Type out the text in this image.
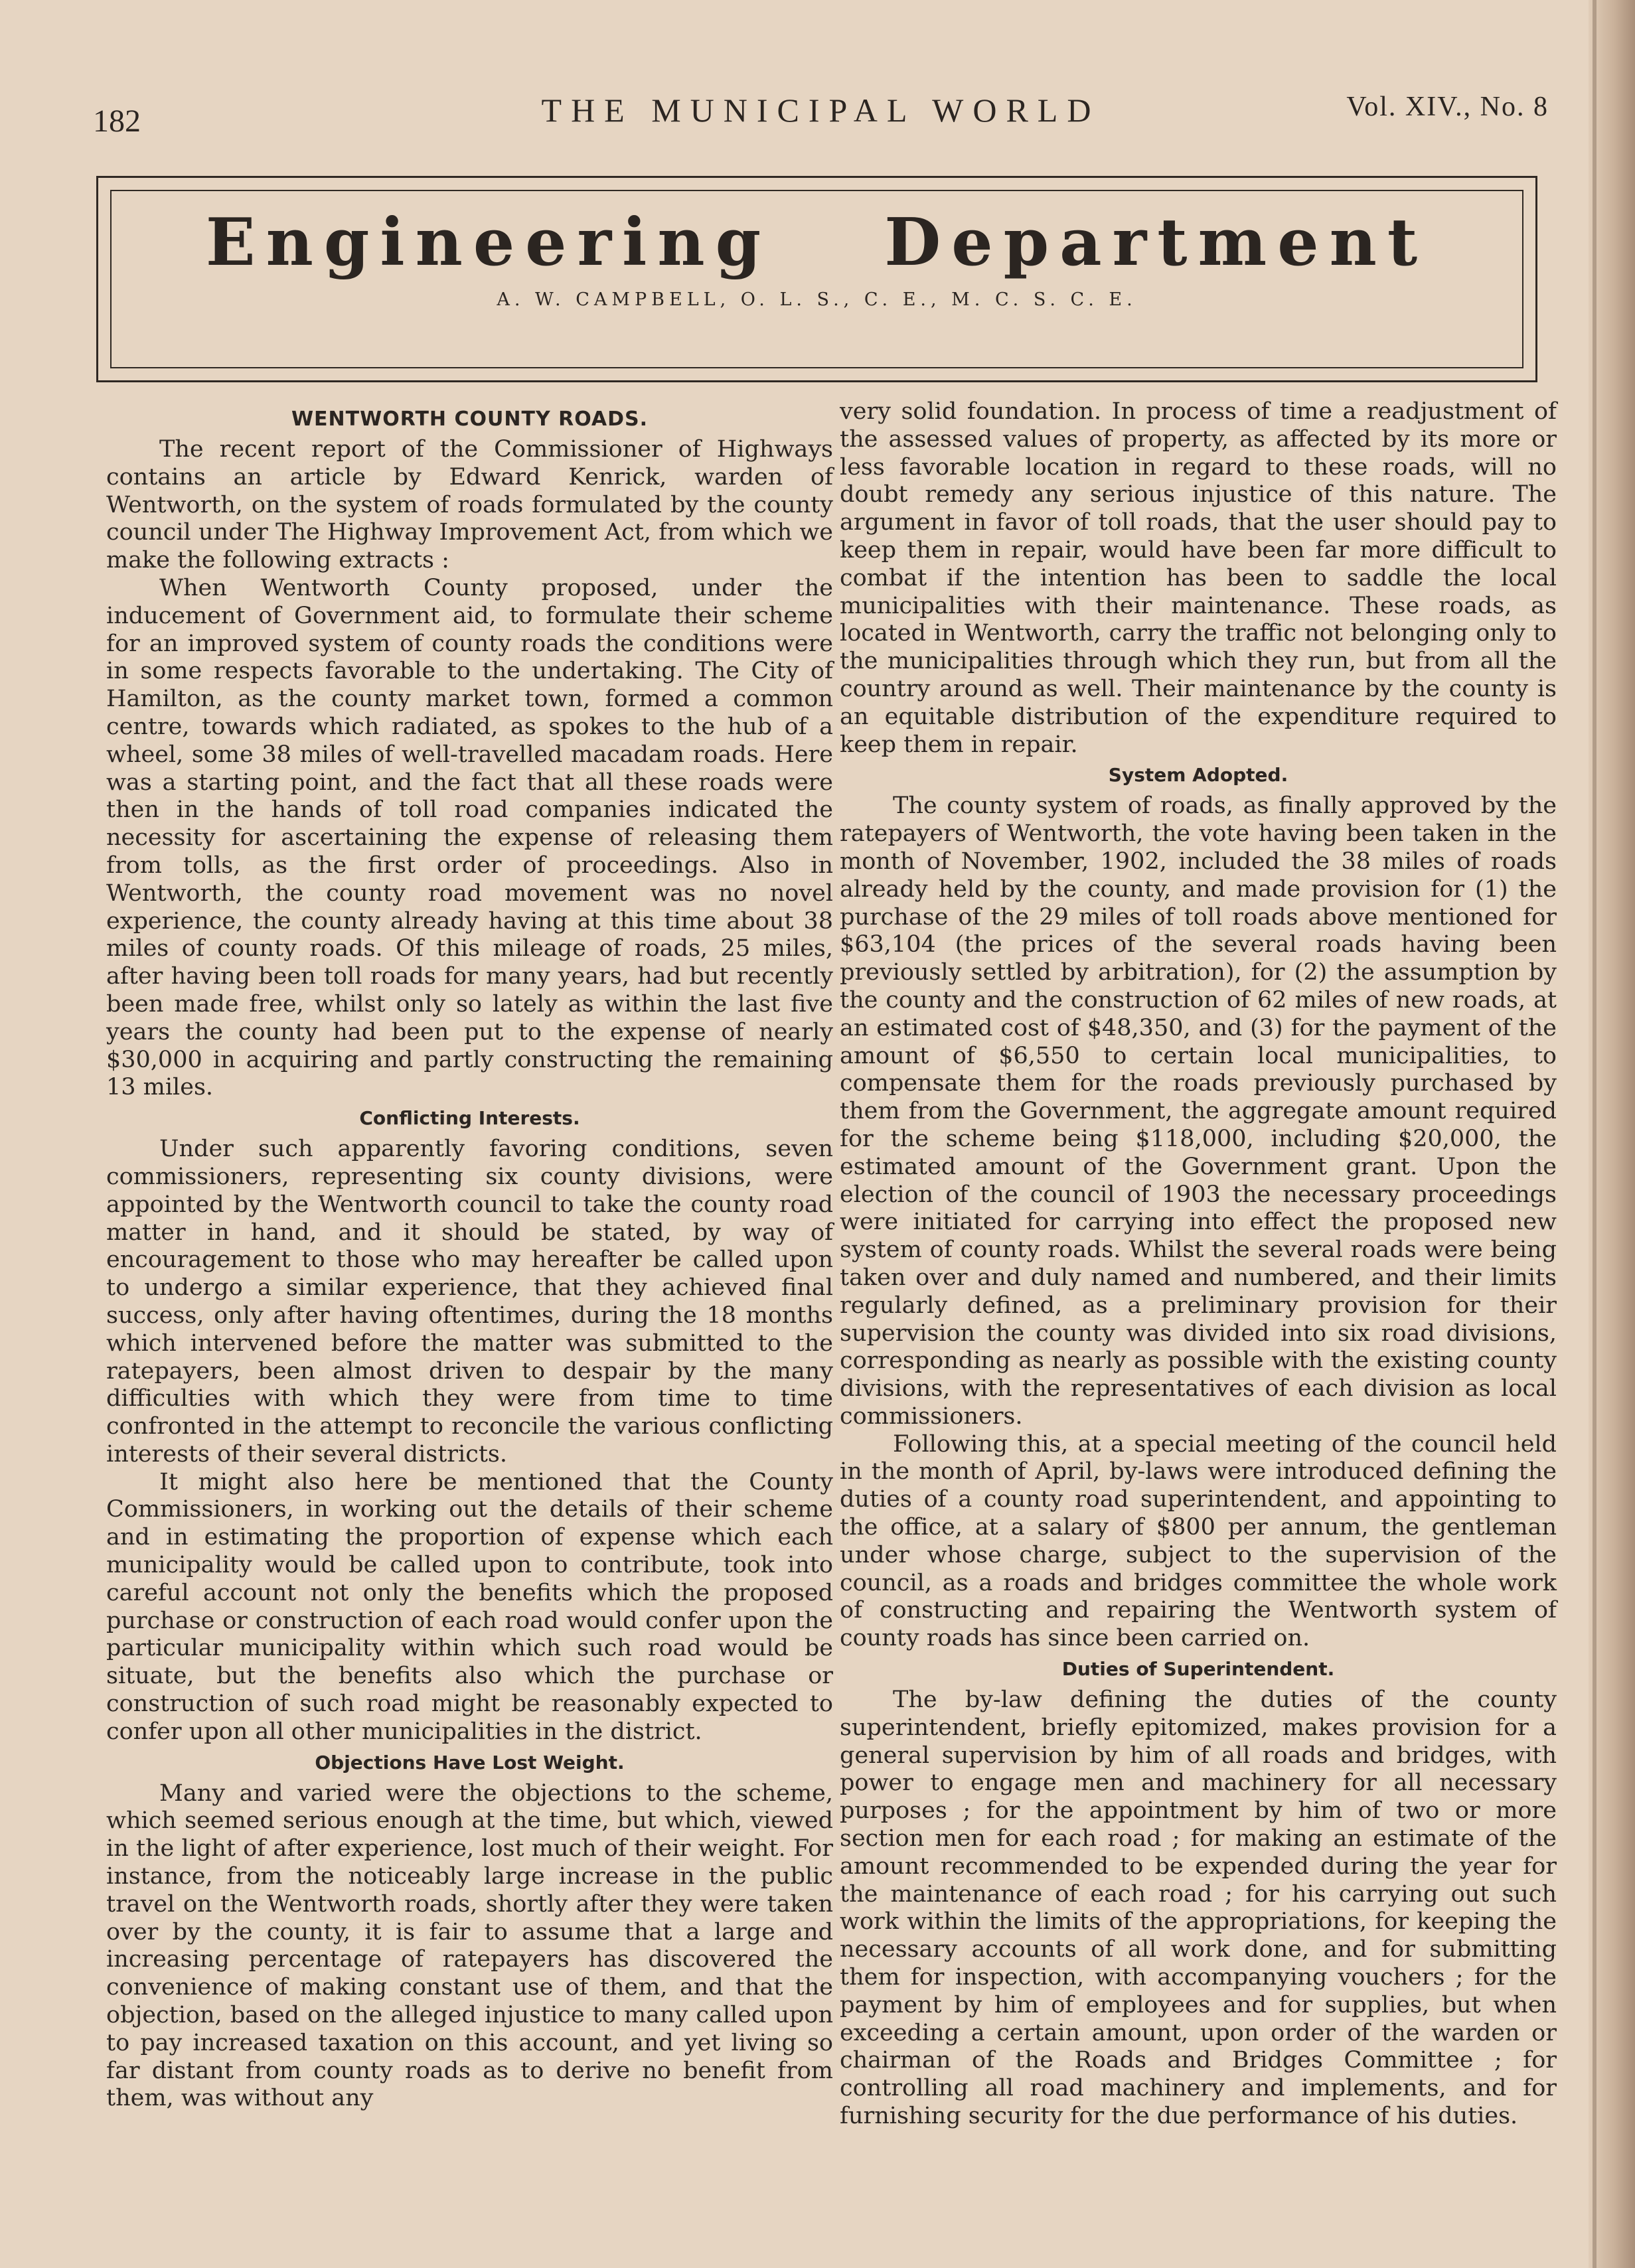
182	THE MUNICIPAL WORLD	Vol. XIV., No. 8
Engineering Department
A. W. CAMPBELL, O. L. S., C. E., M. C. S. C. E.
WENTWORTH COUNTY ROADS.

The recent report of the Commissioner of Highways contains an article by Edward Kenrick, warden of Wentworth, on the system of roads formulated by the county council under The Highway Improvement Act, from which we make the following extracts :

When Wentworth County proposed, under the inducement of Government aid, to formulate their scheme for an improved system of county roads the conditions were in some respects favorable to the undertaking. The City of Hamilton, as the county market town, formed a common centre, towards which radiated, as spokes to the hub of a wheel, some 38 miles of well-travelled macadam roads. Here was a starting point, and the fact that all these roads were then in the hands of toll road companies indicated the necessity for ascertaining the expense of releasing them from tolls, as the first order of proceedings. Also in Wentworth, the county road movement was no novel experience, the county already having at this time about 38 miles of county roads. Of this mileage of roads, 25 miles, after having been toll roads for many years, had but recently been made free, whilst only so lately as within the last five years the county had been put to the expense of nearly $30,000 in acquiring and partly constructing the remaining 13 miles.

Conflicting Interests.

Under such apparently favoring conditions, seven commissioners, representing six county divisions, were appointed by the Wentworth council to take the county road matter in hand, and it should be stated, by way of encouragement to those who may hereafter be called upon to undergo a similar experience, that they achieved final success, only after having oftentimes, during the 18 months which intervened before the matter was submitted to the ratepayers, been almost driven to despair by the many difficulties with which they were from time to time confronted in the attempt to reconcile the various conflicting interests of their several districts.

It might also here be mentioned that the County Commissioners, in working out the details of their scheme and in estimating the proportion of expense which each municipality would be called upon to contribute, took into careful account not only the benefits which the proposed purchase or construction of each road would confer upon the particular municipality within which such road would be situate, but the benefits also which the purchase or construction of such road might be reasonably expected to confer upon all other municipalities in the district.

Objections Have Lost Weight.

Many and varied were the objections to the scheme, which seemed serious enough at the time, but which, viewed in the light of after experience, lost much of their weight. For instance, from the noticeably large increase in the public travel on the Wentworth roads, shortly after they were taken over by the county, it is fair to assume that a large and increasing percentage of ratepayers has discovered the convenience of making constant use of them, and that the objection, based on the alleged injustice to many called upon to pay increased taxation on this account, and yet living so far distant from county roads as to derive no benefit from them, was without any

very solid foundation. In process of time a readjustment of the assessed values of property, as affected by its more or less favorable location in regard to these roads, will no doubt remedy any serious injustice of this nature. The argument in favor of toll roads, that the user should pay to keep them in repair, would have been far more difficult to combat if the intention has been to saddle the local municipalities with their maintenance. These roads, as located in Wentworth, carry the traffic not belonging only to the municipalities through which they run, but from all the country around as well. Their maintenance by the county is an equitable distribution of the expenditure required to keep them in repair.

System Adopted.

The county system of roads, as finally approved by the ratepayers of Wentworth, the vote having been taken in the month of November, 1902, included the 38 miles of roads already held by the county, and made provision for (1) the purchase of the 29 miles of toll roads above mentioned for $63,104 (the prices of the several roads having been previously settled by arbitration), for (2) the assumption by the county and the construction of 62 miles of new roads, at an estimated cost of $48,350, and (3) for the payment of the amount of $6,550 to certain local municipalities, to compensate them for the roads previously purchased by them from the Government, the aggregate amount required for the scheme being $118,000, including $20,000, the estimated amount of the Government grant. Upon the election of the council of 1903 the necessary proceedings were initiated for carrying into effect the proposed new system of county roads. Whilst the several roads were being taken over and duly named and numbered, and their limits regularly defined, as a preliminary provision for their supervision the county was divided into six road divisions, corresponding as nearly as possible with the existing county divisions, with the representatives of each division as local commissioners.

Following this, at a special meeting of the council held in the month of April, by-laws were introduced defining the duties of a county road superintendent, and appointing to the office, at a salary of $800 per annum, the gentleman under whose charge, subject to the supervision of the council, as a roads and bridges committee the whole work of constructing and repairing the Wentworth system of county roads has since been carried on.

Duties of Superintendent.

The by-law defining the duties of the county superintendent, briefly epitomized, makes provision for a general supervision by him of all roads and bridges, with power to engage men and machinery for all necessary purposes ; for the appointment by him of two or more section men for each road ; for making an estimate of the amount recommended to be expended during the year for the maintenance of each road ; for his carrying out such work within the limits of the appropriations, for keeping the necessary accounts of all work done, and for submitting them for inspection, with accompanying vouchers ; for the payment by him of employees and for supplies, but when exceeding a certain amount, upon order of the warden or chairman of the Roads and Bridges Committee ; for controlling all road machinery and implements, and for furnishing security for the due performance of his duties.
